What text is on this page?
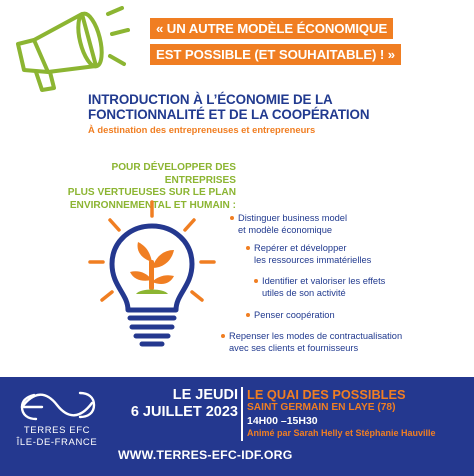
« UN AUTRE MODÈLE ÉCONOMIQUE
EST POSSIBLE (ET SOUHAITABLE) ! »
INTRODUCTION À L’ÉCONOMIE DE LA
FONCTIONNALITÉ ET DE LA COOPÉRATION
À destination des entrepreneuses et entrepreneurs
POUR DÉVELOPPER DES ENTREPRISES
PLUS VERTUEUSES SUR LE PLAN
ENVIRONNEMENTAL ET HUMAIN :
Distinguer business model
et modèle économique
Repérer et développer
les ressources immatérielles
Identifier et valoriser les effets
utiles de son activité
Penser coopération
Repenser les modes de contractualisation
avec ses clients et fournisseurs
TERRES EFC
ÎLE-DE-FRANCE
LE JEUDI
6 JUILLET 2023
LE QUAI DES POSSIBLES
SAINT GERMAIN EN LAYE (78)
14H00 –15H30
Animé par Sarah Helly et Stéphanie Hauville
WWW.TERRES-EFC-IDF.ORG
